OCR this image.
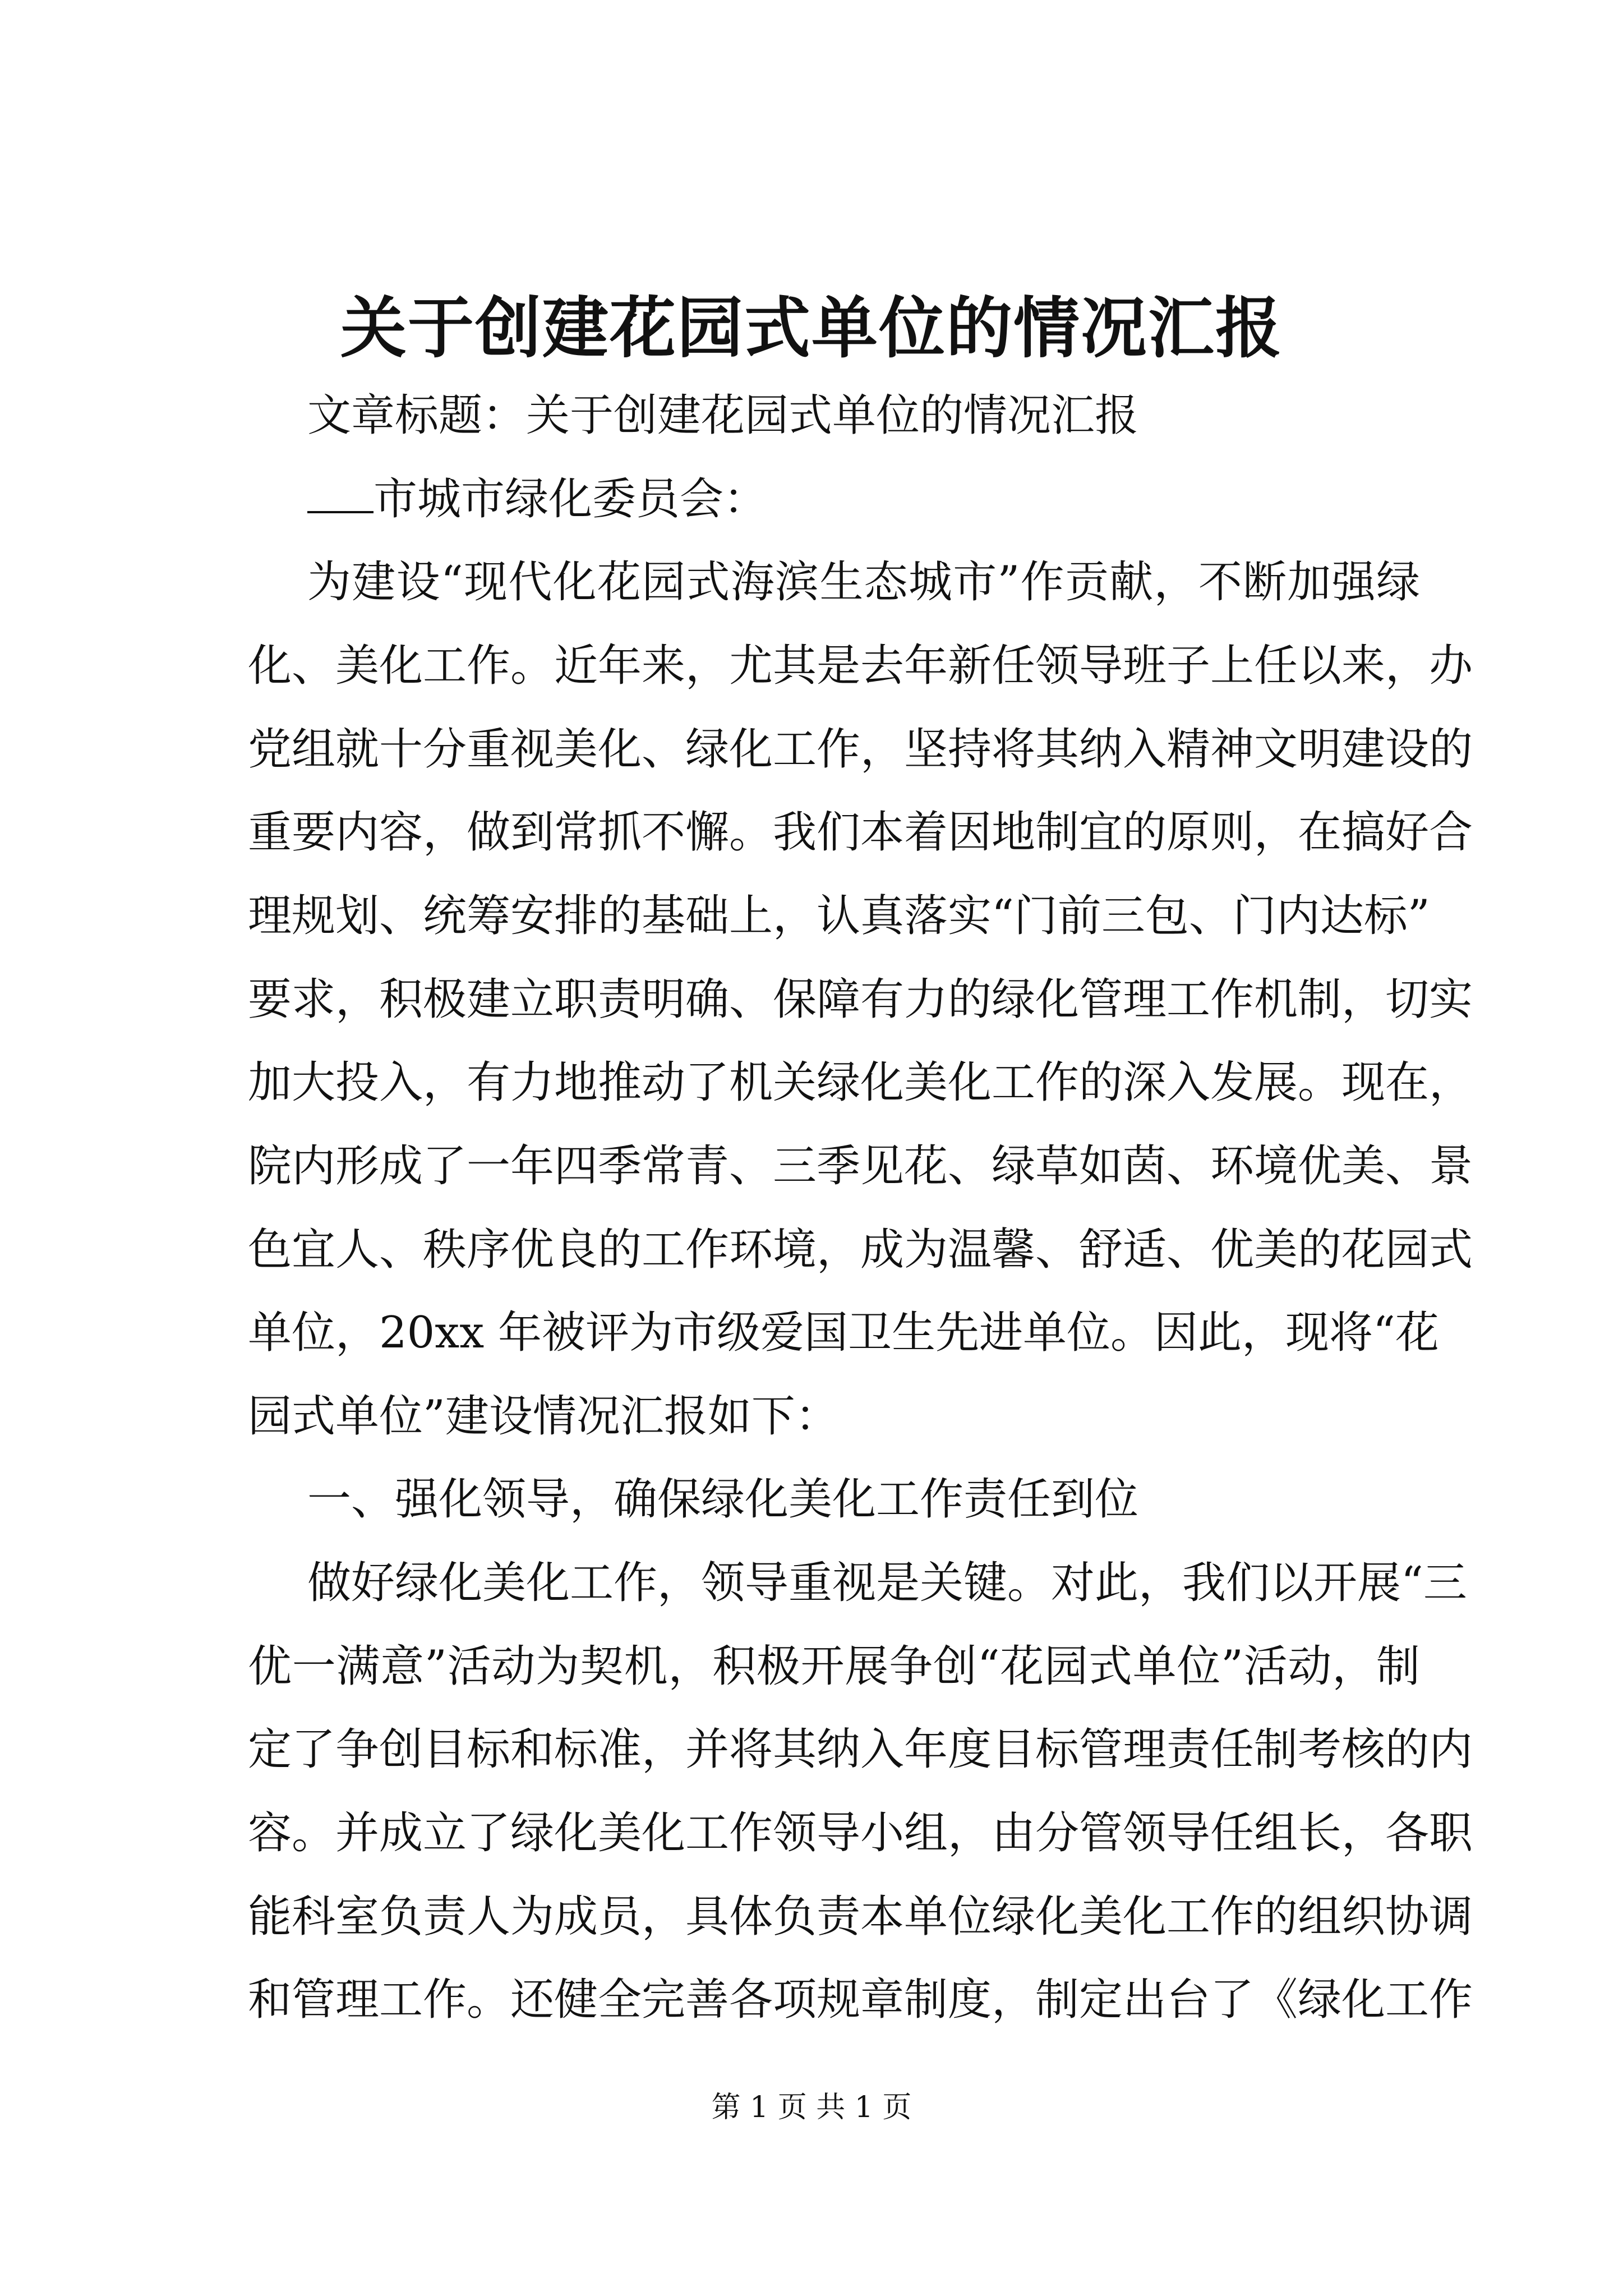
关于创建花园式单位的情况汇报
文章标题：关于创建花园式单位的情况汇报
市城市绿化委员会：
为建设“现代化花园式海滨生态城市”作贡献，不断加强绿
化、美化工作。近年来，尤其是去年新任领导班子上任以来，办
党组就十分重视美化、绿化工作，坚持将其纳入精神文明建设的
重要内容，做到常抓不懈。我们本着因地制宜的原则，在搞好合
理规划、统筹安排的基础上，认真落实“门前三包、门内达标”
要求，积极建立职责明确、保障有力的绿化管理工作机制，切实
加大投入，有力地推动了机关绿化美化工作的深入发展。现在，
院内形成了一年四季常青、三季见花、绿草如茵、环境优美、景
色宜人、秩序优良的工作环境，成为温馨、舒适、优美的花园式
单位，20xx 年被评为市级爱国卫生先进单位。因此，现将“花
园式单位”建设情况汇报如下：
一、强化领导，确保绿化美化工作责任到位
做好绿化美化工作，领导重视是关键。对此，我们以开展“三
优一满意”活动为契机，积极开展争创“花园式单位”活动，制
定了争创目标和标准，并将其纳入年度目标管理责任制考核的内
容。并成立了绿化美化工作领导小组，由分管领导任组长，各职
能科室负责人为成员，具体负责本单位绿化美化工作的组织协调
和管理工作。还健全完善各项规章制度，制定出台了《绿化工作
第 1 页 共 1 页
